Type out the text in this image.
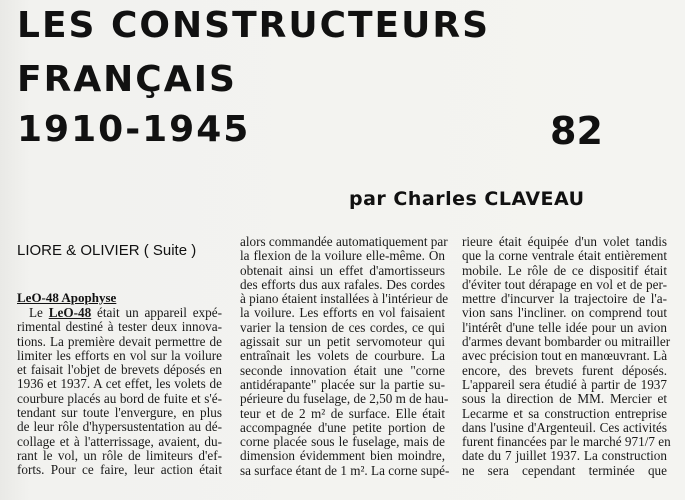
LES CONSTRUCTEURS
FRANÇAIS
1910-1945	82
par Charles CLAVEAU
LIORE & OLIVIER ( Suite )
LeO-48 Apophyse
Le LeO-48 était un appareil expé-
rimental destiné à tester deux innova-
tions. La première devait permettre de
limiter les efforts en vol sur la voilure
et faisait l'objet de brevets déposés en
1936 et 1937. A cet effet, les volets de
courbure placés au bord de fuite et s'é-
tendant sur toute l'envergure, en plus
de leur rôle d'hypersustentation au dé-
collage et à l'atterrissage, avaient, du-
rant le vol, un rôle de limiteurs d'ef-
forts. Pour ce faire, leur action était
alors commandée automatiquement par
la flexion de la voilure elle-même. On
obtenait ainsi un effet d'amortisseurs
des efforts dus aux rafales. Des cordes
à piano étaient installées à l'intérieur de
la voilure. Les efforts en vol faisaient
varier la tension de ces cordes, ce qui
agissait sur un petit servomoteur qui
entraînait les volets de courbure. La
seconde innovation était une "corne
antidérapante" placée sur la partie su-
périeure du fuselage, de 2,50 m de hau-
teur et de 2 m² de surface. Elle était
accompagnée d'une petite portion de
corne placée sous le fuselage, mais de
dimension évidemment bien moindre,
sa surface étant de 1 m². La corne supé-
rieure était équipée d'un volet tandis
que la corne ventrale était entièrement
mobile. Le rôle de ce dispositif était
d'éviter tout dérapage en vol et de per-
mettre d'incurver la trajectoire de l'a-
vion sans l'incliner. on comprend tout
l'intérêt d'une telle idée pour un avion
d'armes devant bombarder ou mitrailler
avec précision tout en manœuvrant. Là
encore, des brevets furent déposés.
L'appareil sera étudié à partir de 1937
sous la direction de MM. Mercier et
Lecarme et sa construction entreprise
dans l'usine d'Argenteuil. Ces activités
furent financées par le marché 971/7 en
date du 7 juillet 1937. La construction
ne sera cependant terminée que
